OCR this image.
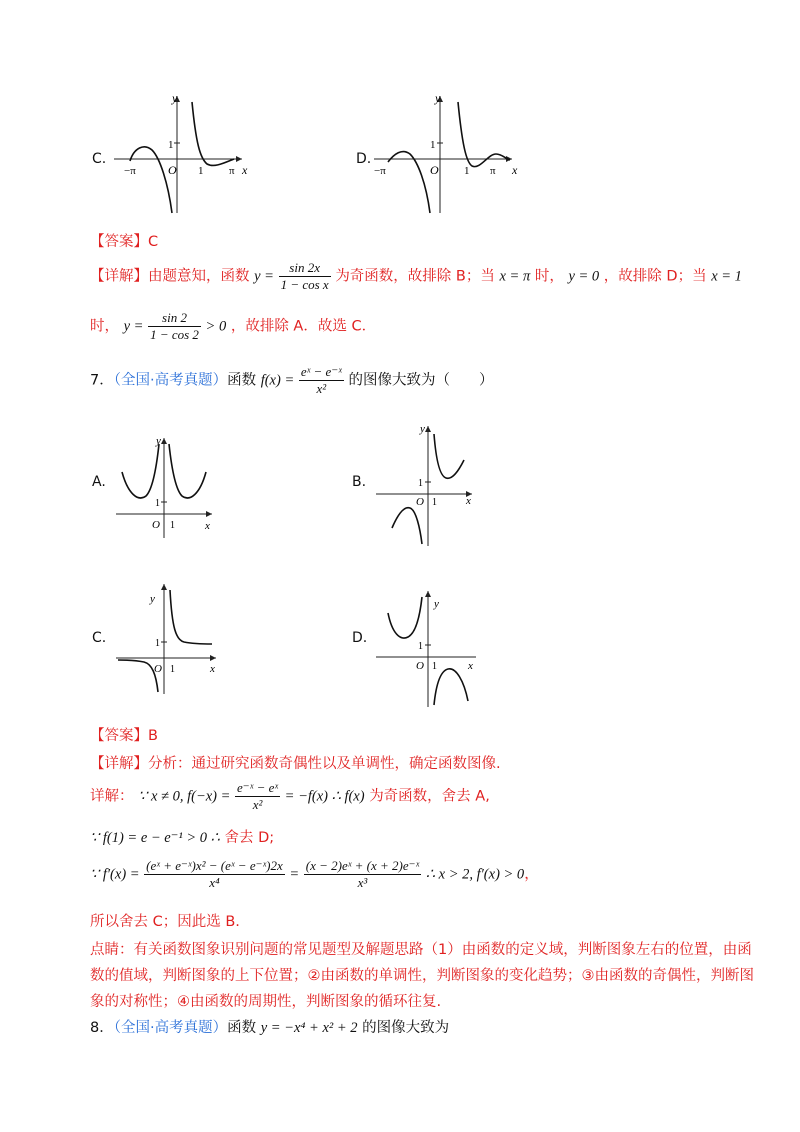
C.
y
x
O
1
1
−π	π
D.
y
x
O
1
1
−π	π
【答案】C
【详解】由题意知，函数 $y = \frac{\sin 2x}{\text{1 − cos x}}$ 为奇函数，故排除 B；当 x = π 时， y = 0 ，故排除 D；当 x = 1
时， $y = \frac{\sin 2}{1 - \cos 2} > 0$ ，故排除 A．故选 C．
7．（全国·高考真题）函数 $f(x) = \frac{\text{eˣ − e⁻ˣ}}{\text{x²}}$ 的图像大致为（　　）
A.
y
x
O
1
1
B.
y
x
O
1
1
C.
y
x
O
1
1
D.
y
x
O
1
1
【答案】B
【详解】分析：通过研究函数奇偶性以及单调性，确定函数图像.
详解： ∵ x ≠ 0, $f(-x) = \frac{\text{e⁻ˣ − eˣ}}{\text{x²}} = -f(x)$ ∴ f(x) 为奇函数，舍去 A,
∵ f(1) = e − e⁻¹ > 0 ∴ 舍去 D;
∵ $f'(x) = \frac{\text{(eˣ + e⁻ˣ)x² − (eˣ − e⁻ˣ)2x}}{\text{x⁴}} = \frac{\text{(x − 2)eˣ + (x + 2)e⁻ˣ}}{\text{x³}}$ ∴ x > 2, f′(x) > 0，
所以舍去 C；因此选 B.
点睛：有关函数图象识别问题的常见题型及解题思路（1）由函数的定义域，判断图象左右的位置，由函
数的值域，判断图象的上下位置；②由函数的单调性，判断图象的变化趋势；③由函数的奇偶性，判断图
象的对称性；④由函数的周期性，判断图象的循环往复.
8．（全国·高考真题）函数 y = −x⁴ + x² + 2 的图像大致为
